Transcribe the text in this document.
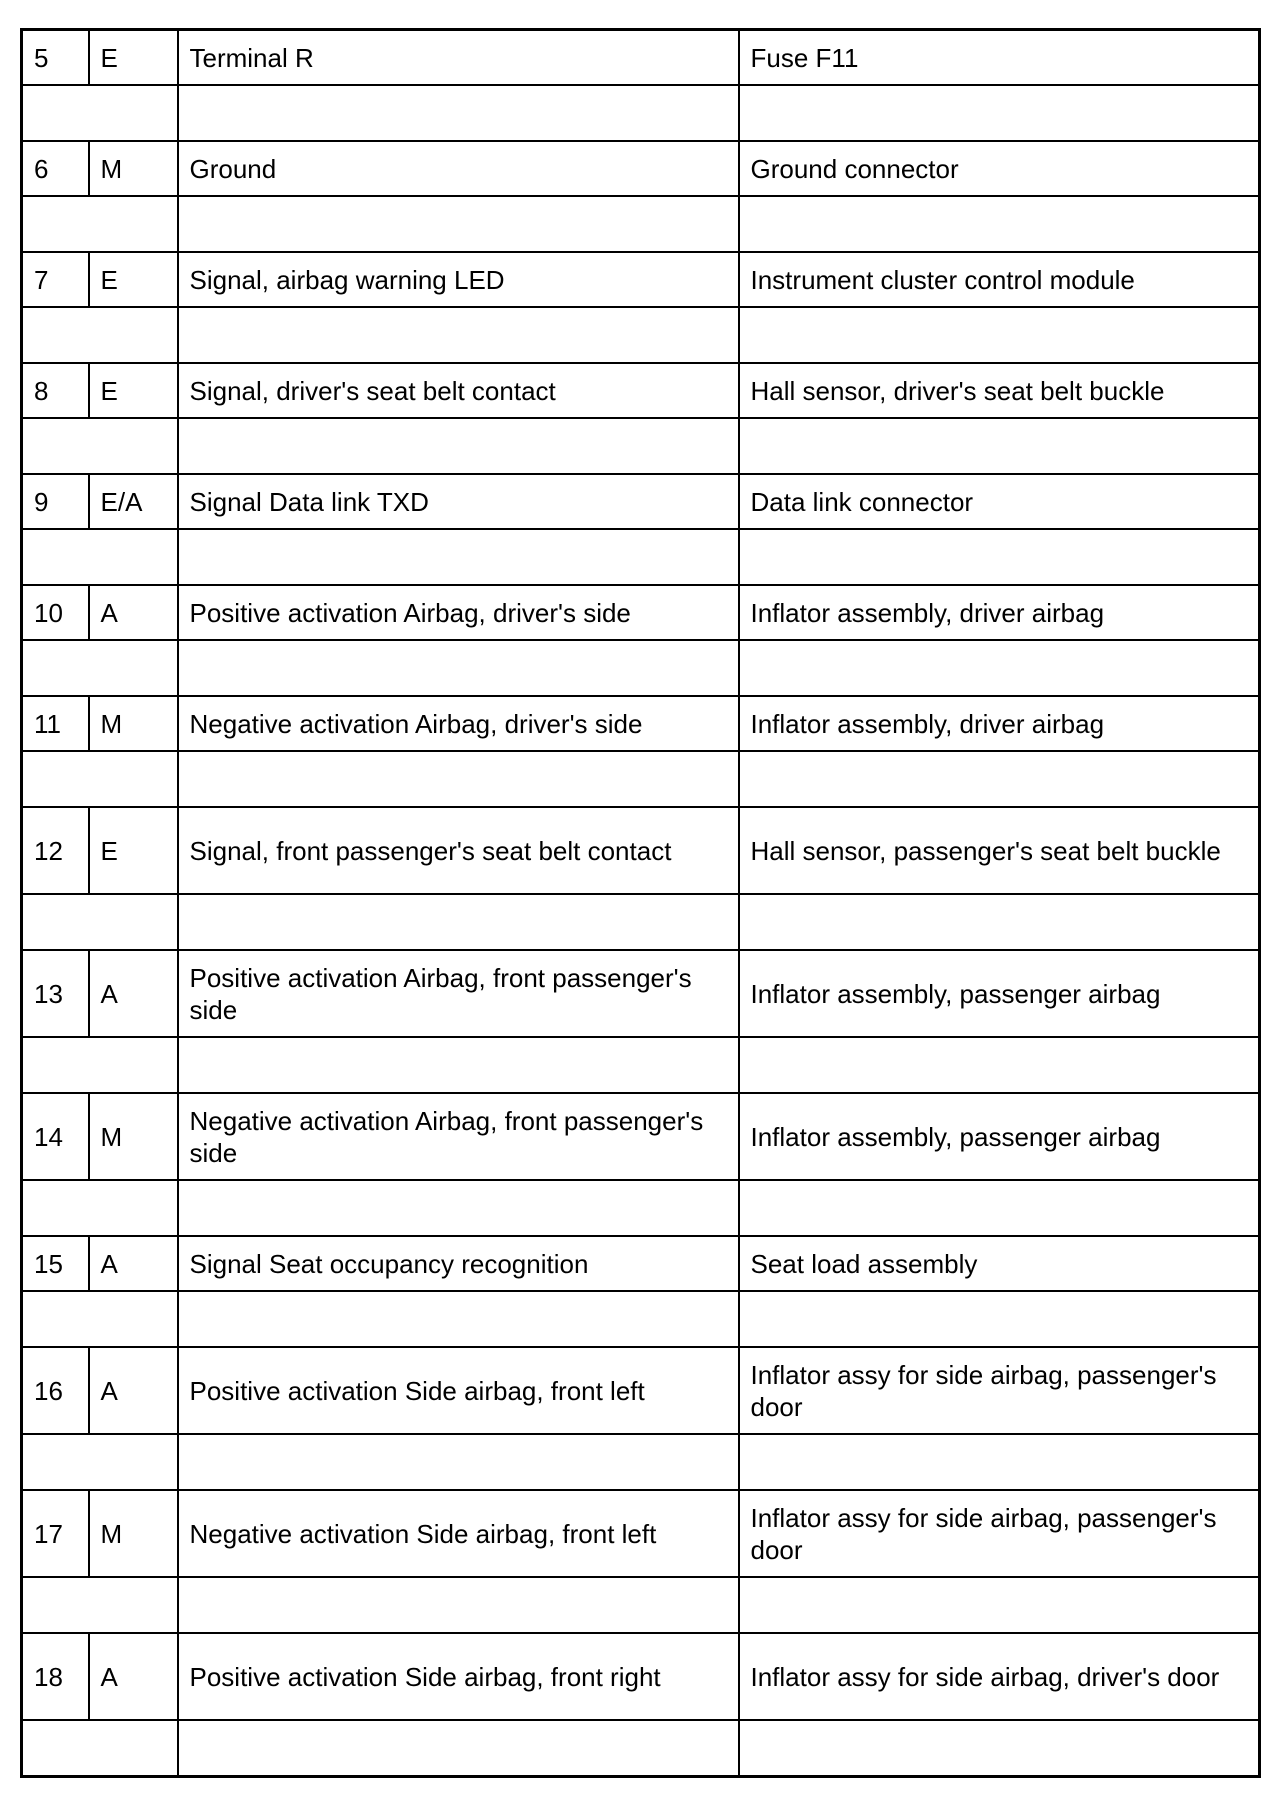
5	E	Terminal R	Fuse F11

6	M	Ground	Ground connector

7	E	Signal, airbag warning LED	Instrument cluster control module

8	E	Signal, driver's seat belt contact	Hall sensor, driver's seat belt buckle

9	E/A	Signal Data link TXD	Data link connector

10	A	Positive activation Airbag, driver's side	Inflator assembly, driver airbag

11	M	Negative activation Airbag, driver's side	Inflator assembly, driver airbag

12	E	Signal, front passenger's seat belt contact	Hall sensor, passenger's seat belt buckle

13	A	Positive activation Airbag, front passenger's side	Inflator assembly, passenger airbag

14	M	Negative activation Airbag, front passenger's side	Inflator assembly, passenger airbag

15	A	Signal Seat occupancy recognition	Seat load assembly

16	A	Positive activation Side airbag, front left	Inflator assy for side airbag, passenger's door

17	M	Negative activation Side airbag, front left	Inflator assy for side airbag, passenger's door

18	A	Positive activation Side airbag, front right	Inflator assy for side airbag, driver's door
